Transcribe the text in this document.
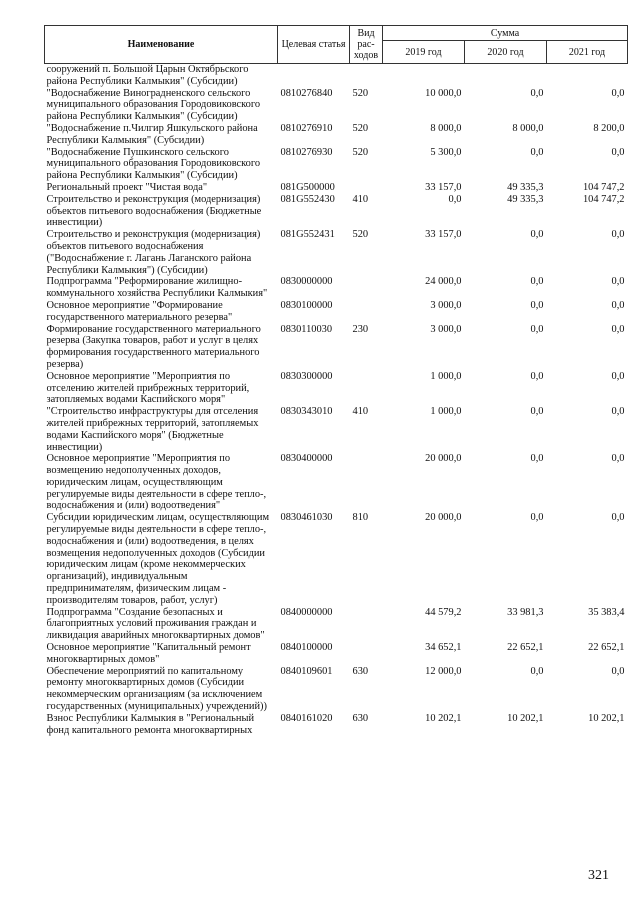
Наименование	Целевая статья	Вид рас-ходов	Сумма		
			2019 год	2020 год	2021 год
сооружений п. Большой Царын Октябрьского района Республики Калмыкия" (Субсидии)					
"Водоснабжение Виноградненского сельского муниципального образования Городовиковского района Республики Калмыкия" (Субсидии)	0810276840	520	10 000,0	0,0	0,0
"Водоснабжение п.Чилгир Яшкульского района Республики Калмыкия" (Субсидии)	0810276910	520	8 000,0	8 000,0	8 200,0
"Водоснабжение Пушкинского сельского муниципального образования Городовиковского района Республики Калмыкия" (Субсидии)	0810276930	520	5 300,0	0,0	0,0
Региональный проект "Чистая вода"	081G500000		33 157,0	49 335,3	104 747,2
Строительство и реконструкция (модернизация) объектов питьевого водоснабжения (Бюджетные инвестиции)	081G552430	410	0,0	49 335,3	104 747,2
Строительство и реконструкция (модернизация) объектов питьевого водоснабжения ("Водоснабжение г. Лагань Лаганского района Республики Калмыкия") (Субсидии)	081G552431	520	33 157,0	0,0	0,0
Подпрограмма "Реформирование жилищно-коммунального хозяйства Республики Калмыкия"	0830000000		24 000,0	0,0	0,0
Основное мероприятие "Формирование государственного материального резерва"	0830100000		3 000,0	0,0	0,0
Формирование государственного материального резерва (Закупка товаров, работ и услуг в целях формирования государственного материального резерва)	0830110030	230	3 000,0	0,0	0,0
Основное мероприятие "Мероприятия по отселению жителей прибрежных территорий, затопляемых водами Каспийского моря"	0830300000		1 000,0	0,0	0,0
"Строительство инфраструктуры для отселения жителей прибрежных территорий, затопляемых водами Каспийского моря" (Бюджетные инвестиции)	0830343010	410	1 000,0	0,0	0,0
Основное мероприятие "Мероприятия по возмещению недополученных доходов, юридическим лицам, осуществляющим регулируемые виды деятельности в сфере тепло-, водоснабжения и (или) водоотведения"	0830400000		20 000,0	0,0	0,0
Субсидии юридическим лицам, осуществляющим регулируемые виды деятельности в сфере тепло-, водоснабжения и (или) водоотведения, в целях возмещения недополученных доходов (Субсидии юридическим лицам (кроме некоммерческих организаций), индивидуальным предпринимателям, физическим лицам - производителям товаров, работ, услуг)	0830461030	810	20 000,0	0,0	0,0
Подпрограмма "Создание безопасных и благоприятных условий проживания граждан и ликвидация аварийных многоквартирных домов"	0840000000		44 579,2	33 981,3	35 383,4
Основное мероприятие "Капитальный ремонт многоквартирных домов"	0840100000		34 652,1	22 652,1	22 652,1
Обеспечение мероприятий по капитальному ремонту многоквартирных домов (Субсидии некоммерческим организациям (за исключением государственных (муниципальных) учреждений))	0840109601	630	12 000,0	0,0	0,0
Взнос Республики Калмыкия в "Региональный фонд капитального ремонта многоквартирных	0840161020	630	10 202,1	10 202,1	10 202,1
321
